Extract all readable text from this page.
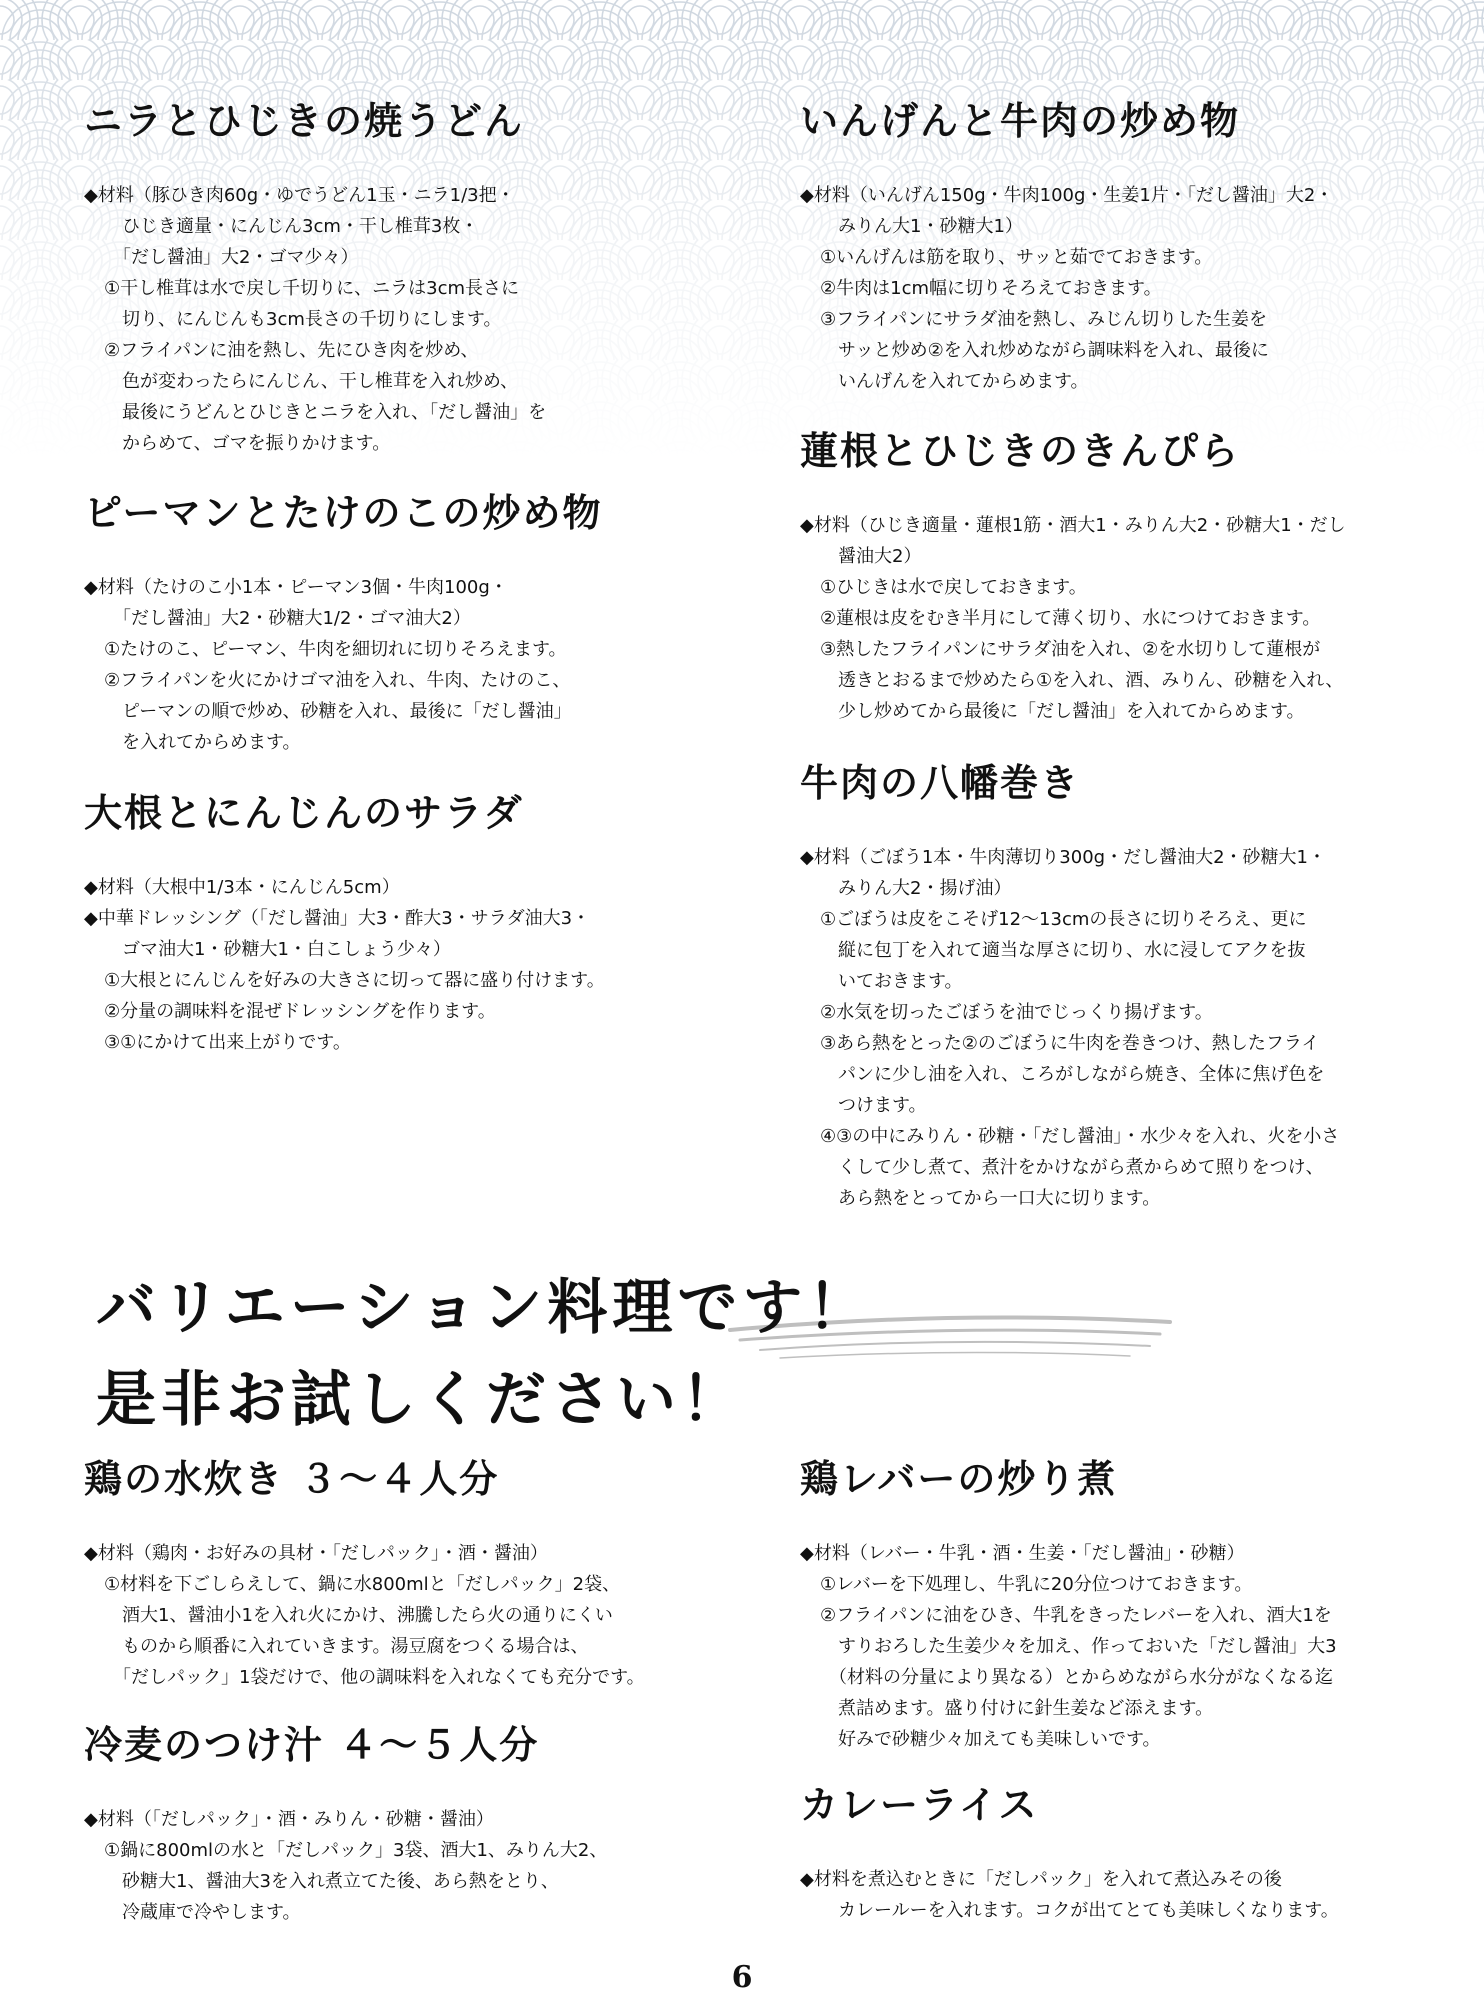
ニラとひじきの焼うどん

◆ 材料（豚ひき肉60g・ゆでうどん1玉・ニラ1/3把・

　ひじき適量・にんじん3cm・干し椎茸3枚・

　「だし醤油」大2・ゴマ少々）

①干し椎茸は水で戻し千切りに、ニラは3cm長さに

　切り、にんじんも3cm長さの千切りにします。

②フライパンに油を熱し、先にひき肉を炒め、

　色が変わったらにんじん、干し椎茸を入れ炒め、

　最後にうどんとひじきとニラを入れ、「だし醤油」を

　からめて、ゴマを振りかけます。

ピーマンとたけのこの炒め物

◆ 材料（たけのこ小1本・ピーマン3個・牛肉100g・

　「だし醤油」大2・砂糖大1/2・ゴマ油大2）

①たけのこ、ピーマン、牛肉を細切れに切りそろえます。

②フライパンを火にかけゴマ油を入れ、牛肉、たけのこ、

　ピーマンの順で炒め、砂糖を入れ、最後に「だし醤油」

　を入れてからめます。

大根とにんじんのサラダ

◆ 材料（大根中1/3本・にんじん5cm）

◆ 中華ドレッシング（「だし醤油」大3・酢大3・サラダ油大3・

　ゴマ油大1・砂糖大1・白こしょう少々）

①大根とにんじんを好みの大きさに切って器に盛り付けます。

②分量の調味料を混ぜドレッシングを作ります。

③①にかけて出来上がりです。

いんげんと牛肉の炒め物

◆ 材料（いんげん150g・牛肉100g・生姜1片・「だし醤油」大2・

　みりん大1・砂糖大1）

①いんげんは筋を取り、サッと茹でておきます。

②牛肉は1cm幅に切りそろえておきます。

③フライパンにサラダ油を熱し、みじん切りした生姜を

　サッと炒め②を入れ炒めながら調味料を入れ、最後に

　いんげんを入れてからめます。

蓮根とひじきのきんぴら

◆ 材料（ひじき適量・蓮根1筋・酒大1・みりん大2・砂糖大1・だし

　醤油大2）

①ひじきは水で戻しておきます。

②蓮根は皮をむき半月にして薄く切り、水につけておきます。

③熱したフライパンにサラダ油を入れ、②を水切りして蓮根が

　透きとおるまで炒めたら①を入れ、酒、みりん、砂糖を入れ、

　少し炒めてから最後に「だし醤油」を入れてからめます。

牛肉の八幡巻き

◆ 材料（ごぼう1本・牛肉薄切り300g・だし醤油大2・砂糖大1・

　みりん大2・揚げ油）

①ごぼうは皮をこそげ12～13cmの長さに切りそろえ、更に

　縦に包丁を入れて適当な厚さに切り、水に浸してアクを抜

　いておきます。

②水気を切ったごぼうを油でじっくり揚げます。

③あら熱をとった②のごぼうに牛肉を巻きつけ、熱したフライ

　パンに少し油を入れ、ころがしながら焼き、全体に焦げ色を

　つけます。

④③の中にみりん・砂糖・「だし醤油」・水少々を入れ、火を小さ

　くして少し煮て、煮汁をかけながら煮からめて照りをつけ、

　あら熱をとってから一口大に切ります。

バリエーション料理です！
是非お試しください！
鶏の水炊き ３～４人分

◆ 材料（鶏肉・お好みの具材・「だしパック」・酒・醤油）

①材料を下ごしらえして、鍋に水800mlと「だしパック」2袋、

　酒大1、醤油小1を入れ火にかけ、沸騰したら火の通りにくい

　ものから順番に入れていきます。湯豆腐をつくる場合は、

　「だしパック」1袋だけで、他の調味料を入れなくても充分です。

冷麦のつけ汁 ４～５人分

◆ 材料（「だしパック」・酒・みりん・砂糖・醤油）

①鍋に800mlの水と「だしパック」3袋、酒大1、みりん大2、

　砂糖大1、醤油大3を入れ煮立てた後、あら熱をとり、

　冷蔵庫で冷やします。

鶏レバーの炒り煮

◆ 材料（レバー・牛乳・酒・生姜・「だし醤油」・砂糖）

①レバーを下処理し、牛乳に20分位つけておきます。

②フライパンに油をひき、牛乳をきったレバーを入れ、酒大1を

　すりおろした生姜少々を加え、作っておいた「だし醤油」大3

　（材料の分量により異なる）とからめながら水分がなくなる迄

　煮詰めます。盛り付けに針生姜など添えます。

　好みで砂糖少々加えても美味しいです。

カレーライス

◆ 材料を煮込むときに「だしパック」を入れて煮込みその後

　カレールーを入れます。コクが出てとても美味しくなります。

6
